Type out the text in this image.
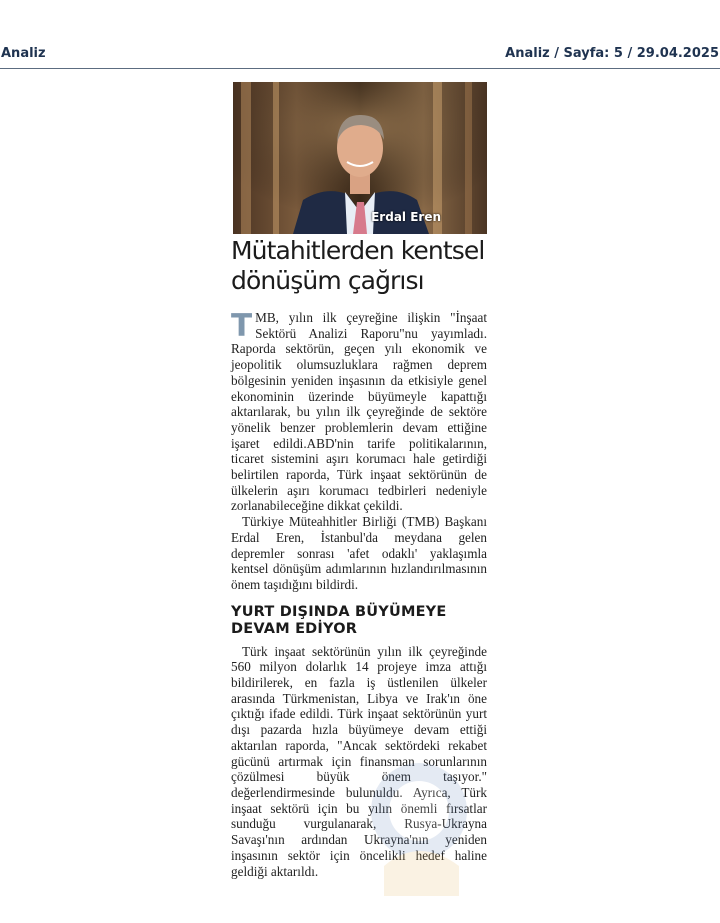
Analiz	Analiz / Sayfa: 5 / 29.04.2025
Erdal Eren
Mütahitlerden kentsel
dönüşüm çağrısı

TMB, yılın ilk çeyreğine ilişkin "İnşaat Sektörü Analizi Raporu"nu yayımladı. Raporda sektörün, geçen yılı ekonomik ve jeopolitik olumsuzluklara rağmen deprem bölgesinin yeniden inşasının da etkisiyle genel ekonominin üzerinde büyümeyle kapattığı aktarılarak, bu yılın ilk çeyreğinde de sektöre yönelik benzer problemlerin devam ettiğine işaret edildi.ABD'nin tarife politikalarının, ticaret sistemini aşırı korumacı hale getirdiği belirtilen raporda, Türk inşaat sektörünün de ülkelerin aşırı korumacı tedbirleri nedeniyle zorlanabileceğine dikkat çekildi.

Türkiye Müteahhitler Birliği (TMB) Başkanı Erdal Eren, İstanbul'da meydana gelen depremler sonrası 'afet odaklı' yaklaşımla kentsel dönüşüm adımlarının hızlandırılmasının önem taşıdığını bildirdi.

YURT DIŞINDA BÜYÜMEYE
DEVAM EDİYOR

Türk inşaat sektörünün yılın ilk çeyreğinde 560 milyon dolarlık 14 projeye imza attığı bildirilerek, en fazla iş üstlenilen ülkeler arasında Türkmenistan, Libya ve Irak'ın öne çıktığı ifade edildi. Türk inşaat sektörünün yurt dışı pazarda hızla büyümeye devam ettiği aktarılan raporda, "Ancak sektördeki rekabet gücünü artırmak için finansman sorunlarının çözülmesi büyük önem taşıyor." değerlendirmesinde bulunuldu. Ayrıca, Türk inşaat sektörü için bu yılın önemli fırsatlar sunduğu vurgulanarak, Rusya-Ukrayna Savaşı'nın ardından Ukrayna'nın yeniden inşasının sektör için öncelikli hedef haline geldiği aktarıldı.
